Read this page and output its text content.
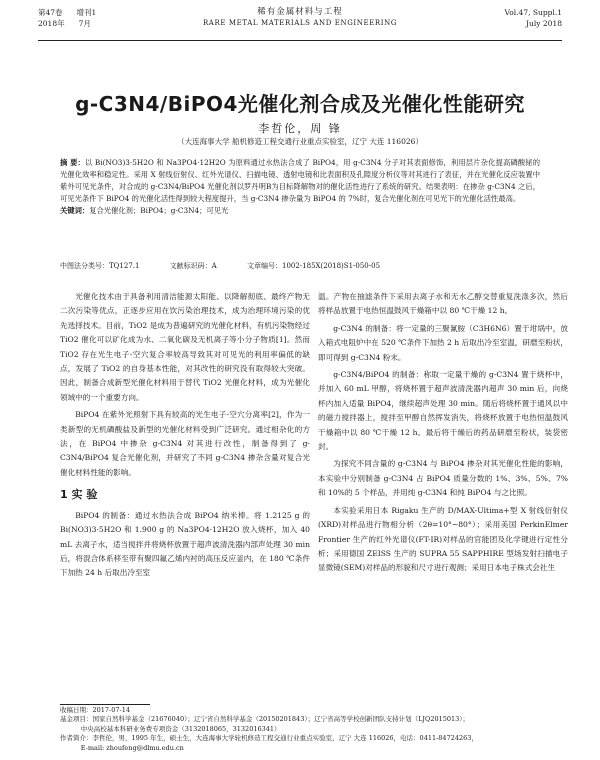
第47卷 增刊1
2018年 7月
稀有金属材料与工程
RARE METAL MATERIALS AND ENGINEERING
Vol.47, Suppl.1
July 2018
g-C3N4/BiPO4光催化剂合成及光催化性能研究
李哲伦，周 锋
（大连海事大学 船机修造工程交通行业重点实验室，辽宁 大连 116026）
摘 要：以 Bi(NO3)3·5H2O 和 Na3PO4·12H2O 为原料通过水热法合成了 BiPO4，用 g-C3N4 分子对其表面修饰，利用层片杂化提高磷酸铋的光催化效率和稳定性。采用 X 射线衍射仪、红外光谱仪、扫描电镜、透射电镜和比表面积及孔隙度分析仪等对其进行了表征，并在光催化反应装置中紫外可见光条件，对合成的 g-C3N4/BiPO4 光催化剂以罗丹明B为目标降解物对的催化活性进行了系统的研究。结果表明：在掺杂 g-C3N4 之后，可见光条件下 BiPO4 的光催化活性得到较大程度提升，当 g-C3N4 掺杂量为 BiPO4 的 7%时，复合光催化剂在可见光下的光催化活性最高。
关键词：复合光催化剂；BiPO4；g-C3N4；可见光
中图法分类号：TQ127.1	文献标识码：A	文章编号：1002-185X(2018)S1-050-05

光催化技术由于具备利用清洁能源太阳能、以降解彻底、最终产物无二次污染等优点，正逐步应用在饮污染治理技术，成为治理环境污染的优先选择技术。目前，TiO2 是成为普遍研究的光催化材料，有机污染物经过 TiO2 催化可以矿化成为水、二氧化碳及无机离子等小分子物质[1]。然而 TiO2 存在光生电子-空穴复合率较高导致其对可见光的利用率偏低的缺点，发展了 TiO2 的自身基本性能，对其改性的研究没有取得较大突破。因此，制备合成新型光催化材料用于替代 TiO2 光催化材料，成为光催化领域中的一个重要方向。

BiPO4 在紫外光照射下具有较高的光生电子-空穴分离率[2]，作为一类新型的无机磷酸盐及新型的光催化材料受到广泛研究。通过相杂化的方法，在 BiPO4 中掺杂 g-C3N4 对其进行改性，制备得到了 g-C3N4/BiPO4 复合光催化剂，并研究了不同 g-C3N4 掺杂含量对复合光催化材料性能的影响。

1 实 验

BiPO4 的制备：通过水热法合成 BiPO4 纳米棒。将 1.2125 g 的 Bi(NO3)3·5H2O 和 1.900 g 的 Na3PO4·12H2O 放入烧杯，加入 40 mL 去离子水，适当搅拌并将烧杯放置于超声波清洗器内部声处理 30 min 后，将混合体系移至带有聚四氟乙烯内衬的高压反应釜内，在 180 ℃条件下加热 24 h 后取出冷至室

温。产物在抽滤条件下采用去离子水和无水乙醇交替重复洗涤多次，然后将样品放置于电热恒温鼓风干燥箱中以 80 ℃干燥 12 h。

g-C3N4 的制备：将一定量的三聚氰胺（C3H6N6）置于坩埚中，放入箱式电阻炉中在 520 ℃条件下加热 2 h 后取出冷至室温，研磨至粉状，即可得到 g-C3N4 粉末。

g-C3N4/BiPO4 的制备：称取一定量干燥的 g-C3N4 置于烧杯中，并加入 60 mL 甲醇，将烧杯置于超声波清洗器内超声 30 min 后，向烧杯内加入适量 BiPO4，继续超声处理 30 min。随后将烧杯置于通风以中的磁力搅拌器上，搅拌至甲醇自然挥发消失，将烧杯放置于电热恒温鼓风干燥箱中以 80 ℃干燥 12 h。最后将干燥后的药品研磨至粉状，装袋密封。

为探究不同含量的 g-C3N4 与 BiPO4 掺杂对其光催化性能的影响，本实验中分别制备 g-C3N4 占 BiPO4 质量分数的 1%、3%、5%、7%和 10%的 5 个样品，并用纯 g-C3N4 和纯 BiPO4 与之比照。

本实验采用日本 Rigaku 生产的 D/MAX-Ultima+型 X 射线衍射仪(XRD)对样品进行物相分析（2θ=10°~80°）；采用美国 PerkinElmer Frontier 生产的红外光谱仪(FT-IR)对样品的官能团及化学键进行定性分析；采用德国 ZEISS 生产的 SUPRA 55 SAPPHIRE 型场发射扫描电子显微镜(SEM)对样品的形貌和尺寸进行观测；采用日本电子株式会社生

收稿日期：2017-07-14
基金项目：国家自然科学基金（21676040）；辽宁省自然科学基金（20150201843）；辽宁省高等学校创新团队支持计划（LJQ2015013）；
中央高校基本科研业务费专项资金（3132018065，3132016341）
作者简介：李哲伦，男，1995 年生，硕士生，大连海事大学轮机修造工程交通行业重点实验室，辽宁 大连 116026，电话：0411-84724263，
E-mail: zhoufeng@dlmu.edu.cn
